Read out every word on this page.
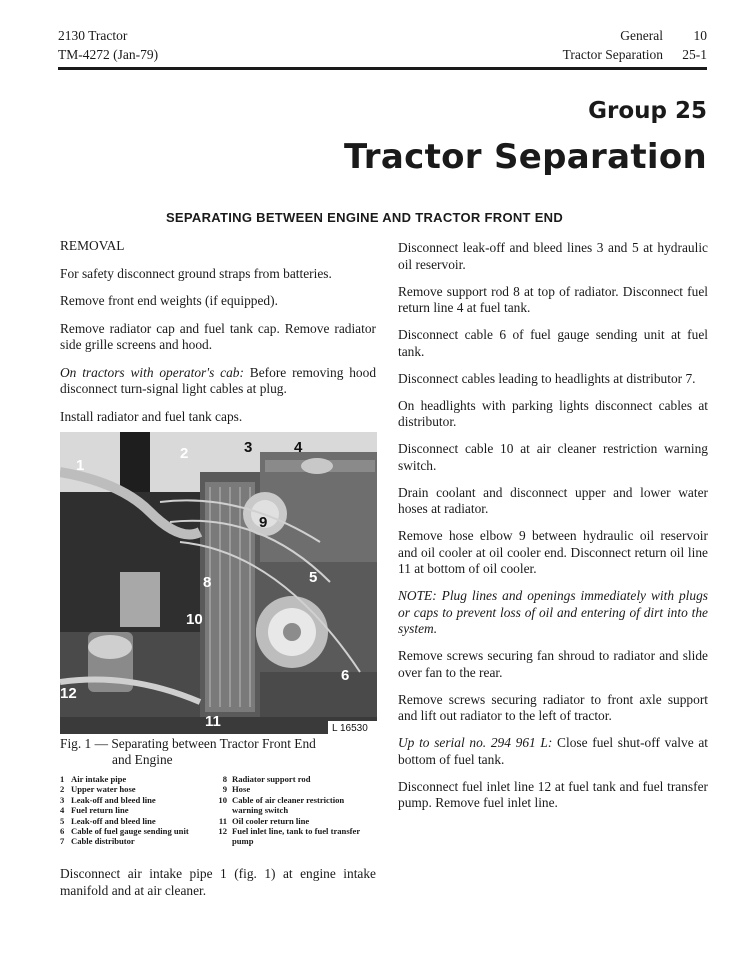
2130 Tractor
TM-4272 (Jan-79)
General	10
Tractor Separation	25-1
Group 25
Tractor Separation
SEPARATING BETWEEN ENGINE AND TRACTOR FRONT END

REMOVAL

For safety disconnect ground straps from batteries.

Remove front end weights (if equipped).

Remove radiator cap and fuel tank cap. Remove radiator side grille screens and hood.

On tractors with operator's cab: Before removing hood disconnect turn-signal light cables at plug.

Install radiator and fuel tank caps.

L 16530
1
2	3	4
5
6
8
9
10
11
12
Fig. 1 — Separating between Tractor Front End
and Engine
1 Air intake pipe
2 Upper water hose
3 Leak-off and bleed line
4 Fuel return line
5 Leak-off and bleed line
6 Cable of fuel gauge sending unit
7 Cable distributor
8 Radiator support rod
9 Hose
10 Cable of air cleaner restriction warning switch
11 Oil cooler return line
12 Fuel inlet line, tank to fuel transfer pump
Disconnect air intake pipe 1 (fig. 1) at engine intake manifold and at air cleaner.

Disconnect leak-off and bleed lines 3 and 5 at hydraulic oil reservoir.

Remove support rod 8 at top of radiator. Disconnect fuel return line 4 at fuel tank.

Disconnect cable 6 of fuel gauge sending unit at fuel tank.

Disconnect cables leading to headlights at distributor 7.

On headlights with parking lights disconnect cables at distributor.

Disconnect cable 10 at air cleaner restriction warning switch.

Drain coolant and disconnect upper and lower water hoses at radiator.

Remove hose elbow 9 between hydraulic oil reservoir and oil cooler at oil cooler end. Disconnect return oil line 11 at bottom of oil cooler.

NOTE: Plug lines and openings immediately with plugs or caps to prevent loss of oil and entering of dirt into the system.

Remove screws securing fan shroud to radiator and slide over fan to the rear.

Remove screws securing radiator to front axle support and lift out radiator to the left of tractor.

Up to serial no. 294 961 L: Close fuel shut-off valve at bottom of fuel tank.

Disconnect fuel inlet line 12 at fuel tank and fuel transfer pump. Remove fuel inlet line.
